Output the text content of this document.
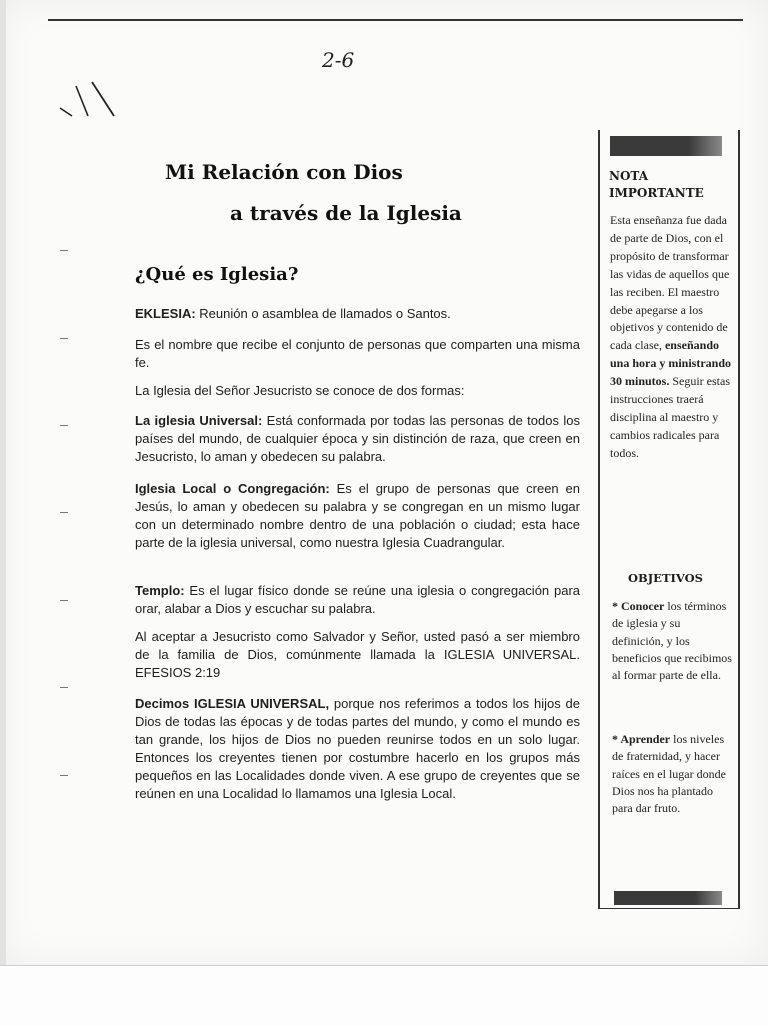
2-6
Mi Relación con Dios
a través de la Iglesia
¿Qué es Iglesia?
EKLESIA: Reunión o asamblea de llamados o Santos.
Es el nombre que recibe el conjunto de personas que comparten una misma fe.
La Iglesia del Señor Jesucristo se conoce de dos formas:
La iglesia Universal: Está conformada por todas las personas de todos los países del mundo, de cualquier época y sin distinción de raza, que creen en Jesucristo, lo aman y obedecen su palabra.
Iglesia Local o Congregación: Es el grupo de personas que creen en Jesús, lo aman y obedecen su palabra y se congregan en un mismo lugar con un determinado nombre dentro de una población o ciudad; esta hace parte de la iglesia universal, como nuestra Iglesia Cuadrangular.
Templo: Es el lugar físico donde se reúne una iglesia o congregación para orar, alabar a Dios y escuchar su palabra.
Al aceptar a Jesucristo como Salvador y Señor, usted pasó a ser miembro de la familia de Dios, comúnmente llamada la IGLESIA UNIVERSAL. EFESIOS 2:19
Decimos IGLESIA UNIVERSAL, porque nos referimos a todos los hijos de Dios de todas las épocas y de todas partes del mundo, y como el mundo es tan grande, los hijos de Dios no pueden reunirse todos en un solo lugar. Entonces los creyentes tienen por costumbre hacerlo en los grupos más pequeños en las Localidades donde viven. A ese grupo de creyentes que se reúnen en una Localidad lo llamamos una Iglesia Local.
NOTA IMPORTANTE
Esta enseñanza fue dada de parte de Dios, con el propósito de transformar las vidas de aquellos que las reciben. El maestro debe apegarse a los objetivos y contenido de cada clase, enseñando una hora y ministrando 30 minutos. Seguir estas instrucciones traerá disciplina al maestro y cambios radicales para todos.
OBJETIVOS
* Conocer los términos de iglesia y su definición, y los beneficios que recibimos al formar parte de ella.
* Aprender los niveles de fraternidad, y hacer raíces en el lugar donde Dios nos ha plantado para dar fruto.
